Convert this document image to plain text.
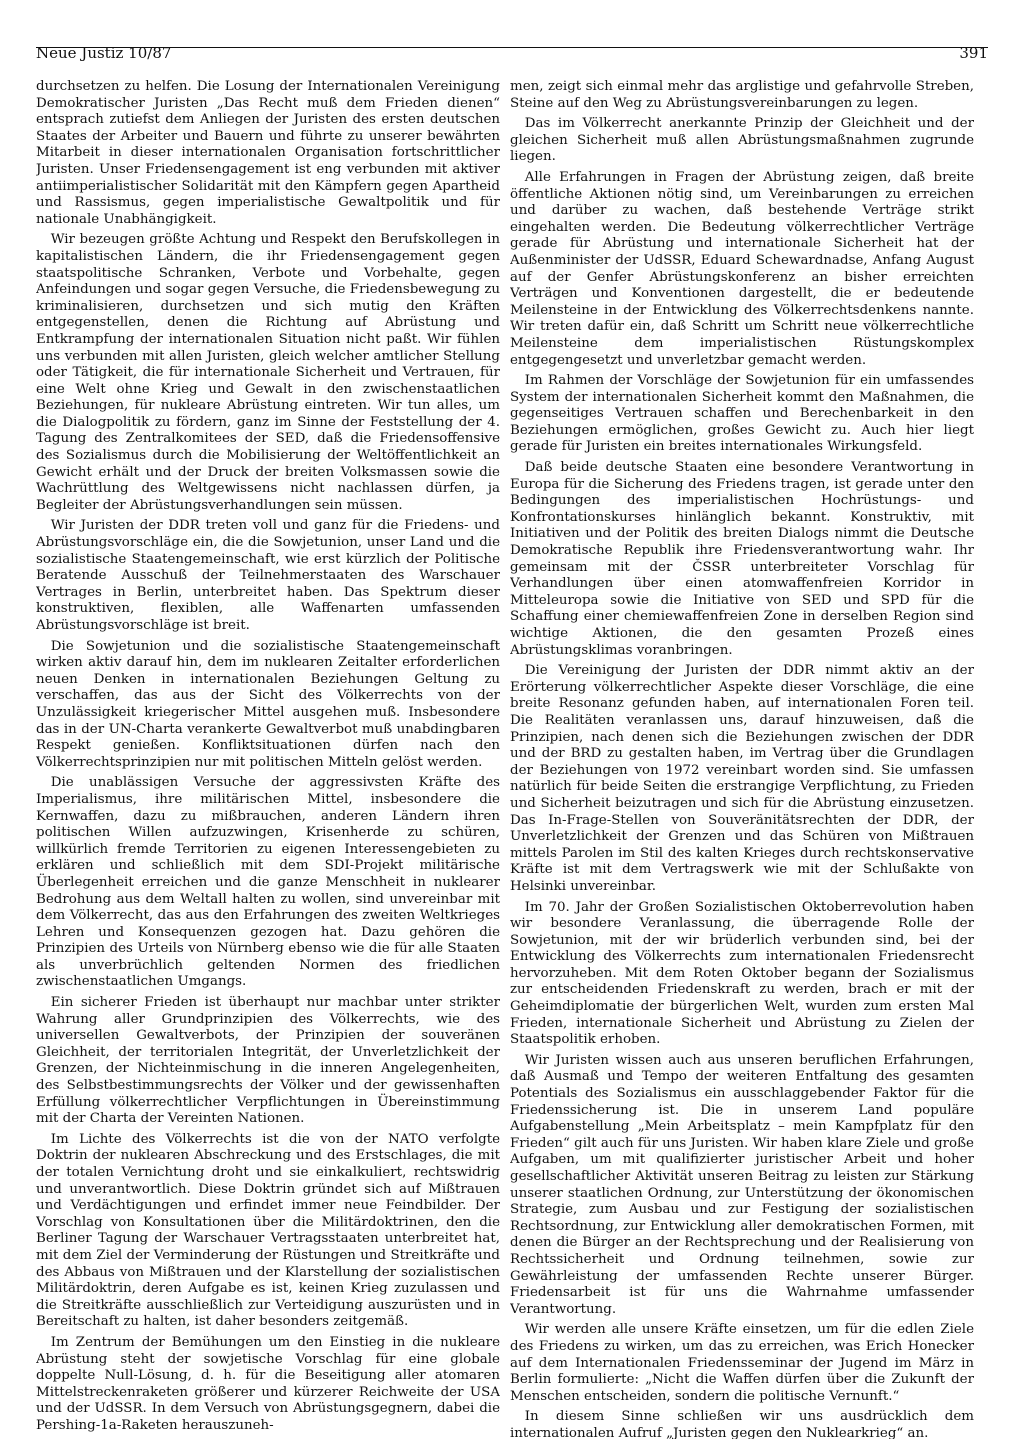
Neue Justiz 10/87	391

durchsetzen zu helfen. Die Losung der Internationalen Vereinigung Demokratischer Juristen „Das Recht muß dem Frieden dienen“ entsprach zutiefst dem Anliegen der Juristen des ersten deutschen Staates der Arbeiter und Bauern und führte zu unserer bewährten Mitarbeit in dieser internationalen Organisation fortschrittlicher Juristen. Unser Friedensengagement ist eng verbunden mit aktiver antiimperialistischer Solidarität mit den Kämpfern gegen Apartheid und Rassismus, gegen imperialistische Gewaltpolitik und für nationale Unabhängigkeit.

Wir bezeugen größte Achtung und Respekt den Berufskollegen in kapitalistischen Ländern, die ihr Friedensengagement gegen staatspolitische Schranken, Verbote und Vorbehalte, gegen Anfeindungen und sogar gegen Versuche, die Friedensbewegung zu kriminalisieren, durchsetzen und sich mutig den Kräften entgegenstellen, denen die Richtung auf Abrüstung und Entkrampfung der internationalen Situation nicht paßt. Wir fühlen uns verbunden mit allen Juristen, gleich welcher amtlicher Stellung oder Tätigkeit, die für internationale Sicherheit und Vertrauen, für eine Welt ohne Krieg und Gewalt in den zwischenstaatlichen Beziehungen, für nukleare Abrüstung eintreten. Wir tun alles, um die Dialogpolitik zu fördern, ganz im Sinne der Feststellung der 4. Tagung des Zentralkomitees der SED, daß die Friedensoffensive des Sozialismus durch die Mobilisierung der Weltöffentlichkeit an Gewicht erhält und der Druck der breiten Volksmassen sowie die Wachrüttlung des Weltgewissens nicht nachlassen dürfen, ja Begleiter der Abrüstungsverhandlungen sein müssen.

Wir Juristen der DDR treten voll und ganz für die Friedens- und Abrüstungsvorschläge ein, die die Sowjetunion, unser Land und die sozialistische Staatengemeinschaft, wie erst kürzlich der Politische Beratende Ausschuß der Teilnehmerstaaten des Warschauer Vertrages in Berlin, unterbreitet haben. Das Spektrum dieser konstruktiven, flexiblen, alle Waffenarten umfassenden Abrüstungsvorschläge ist breit.

Die Sowjetunion und die sozialistische Staatengemeinschaft wirken aktiv darauf hin, dem im nuklearen Zeitalter erforderlichen neuen Denken in internationalen Beziehungen Geltung zu verschaffen, das aus der Sicht des Völkerrechts von der Unzulässigkeit kriegerischer Mittel ausgehen muß. Insbesondere das in der UN-Charta verankerte Gewaltverbot muß unabdingbaren Respekt genießen. Konfliktsituationen dürfen nach den Völkerrechtsprinzipien nur mit politischen Mitteln gelöst werden.

Die unablässigen Versuche der aggressivsten Kräfte des Imperialismus, ihre militärischen Mittel, insbesondere die Kernwaffen, dazu zu mißbrauchen, anderen Ländern ihren politischen Willen aufzuzwingen, Krisenherde zu schüren, willkürlich fremde Territorien zu eigenen Interessengebieten zu erklären und schließlich mit dem SDI-Projekt militärische Überlegenheit erreichen und die ganze Menschheit in nuklearer Bedrohung aus dem Weltall halten zu wollen, sind unvereinbar mit dem Völkerrecht, das aus den Erfahrungen des zweiten Weltkrieges Lehren und Konsequenzen gezogen hat. Dazu gehören die Prinzipien des Urteils von Nürnberg ebenso wie die für alle Staaten als unverbrüchlich geltenden Normen des friedlichen zwischenstaatlichen Umgangs.

Ein sicherer Frieden ist überhaupt nur machbar unter strikter Wahrung aller Grundprinzipien des Völkerrechts, wie des universellen Gewaltverbots, der Prinzipien der souveränen Gleichheit, der territorialen Integrität, der Unverletzlichkeit der Grenzen, der Nichteinmischung in die inneren Angelegenheiten, des Selbstbestimmungsrechts der Völker und der gewissenhaften Erfüllung völkerrechtlicher Verpflichtungen in Übereinstimmung mit der Charta der Vereinten Nationen.

Im Lichte des Völkerrechts ist die von der NATO verfolgte Doktrin der nuklearen Abschreckung und des Erstschlages, die mit der totalen Vernichtung droht und sie einkalkuliert, rechtswidrig und unverantwortlich. Diese Doktrin gründet sich auf Mißtrauen und Verdächtigungen und erfindet immer neue Feindbilder. Der Vorschlag von Konsultationen über die Militärdoktrinen, den die Berliner Tagung der Warschauer Vertragsstaaten unterbreitet hat, mit dem Ziel der Verminderung der Rüstungen und Streitkräfte und des Abbaus von Mißtrauen und der Klarstellung der sozialistischen Militärdoktrin, deren Aufgabe es ist, keinen Krieg zuzulassen und die Streitkräfte ausschließlich zur Verteidigung auszurüsten und in Bereitschaft zu halten, ist daher besonders zeitgemäß.

Im Zentrum der Bemühungen um den Einstieg in die nukleare Abrüstung steht der sowjetische Vorschlag für eine globale doppelte Null-Lösung, d. h. für die Beseitigung aller atomaren Mittelstreckenraketen größerer und kürzerer Reichweite der USA und der UdSSR. In dem Versuch von Abrüstungsgegnern, dabei die Pershing-1a-Raketen herauszuneh-

men, zeigt sich einmal mehr das arglistige und gefahrvolle Streben, Steine auf den Weg zu Abrüstungsvereinbarungen zu legen.

Das im Völkerrecht anerkannte Prinzip der Gleichheit und der gleichen Sicherheit muß allen Abrüstungsmaßnahmen zugrunde liegen.

Alle Erfahrungen in Fragen der Abrüstung zeigen, daß breite öffentliche Aktionen nötig sind, um Vereinbarungen zu erreichen und darüber zu wachen, daß bestehende Verträge strikt eingehalten werden. Die Bedeutung völkerrechtlicher Verträge gerade für Abrüstung und internationale Sicherheit hat der Außenminister der UdSSR, Eduard Schewardnadse, Anfang August auf der Genfer Abrüstungskonferenz an bisher erreichten Verträgen und Konventionen dargestellt, die er bedeutende Meilensteine in der Entwicklung des Völkerrechtsdenkens nannte. Wir treten dafür ein, daß Schritt um Schritt neue völkerrechtliche Meilensteine dem imperialistischen Rüstungskomplex entgegengesetzt und unverletzbar gemacht werden.

Im Rahmen der Vorschläge der Sowjetunion für ein umfassendes System der internationalen Sicherheit kommt den Maßnahmen, die gegenseitiges Vertrauen schaffen und Berechenbarkeit in den Beziehungen ermöglichen, großes Gewicht zu. Auch hier liegt gerade für Juristen ein breites internationales Wirkungsfeld.

Daß beide deutsche Staaten eine besondere Verantwortung in Europa für die Sicherung des Friedens tragen, ist gerade unter den Bedingungen des imperialistischen Hochrüstungs- und Konfrontationskurses hinlänglich bekannt. Konstruktiv, mit Initiativen und der Politik des breiten Dialogs nimmt die Deutsche Demokratische Republik ihre Friedensverantwortung wahr. Ihr gemeinsam mit der ČSSR unterbreiteter Vorschlag für Verhandlungen über einen atomwaffenfreien Korridor in Mitteleuropa sowie die Initiative von SED und SPD für die Schaffung einer chemiewaffenfreien Zone in derselben Region sind wichtige Aktionen, die den gesamten Prozeß eines Abrüstungsklimas voranbringen.

Die Vereinigung der Juristen der DDR nimmt aktiv an der Erörterung völkerrechtlicher Aspekte dieser Vorschläge, die eine breite Resonanz gefunden haben, auf internationalen Foren teil. Die Realitäten veranlassen uns, darauf hinzuweisen, daß die Prinzipien, nach denen sich die Beziehungen zwischen der DDR und der BRD zu gestalten haben, im Vertrag über die Grundlagen der Beziehungen von 1972 vereinbart worden sind. Sie umfassen natürlich für beide Seiten die erstrangige Verpflichtung, zu Frieden und Sicherheit beizutragen und sich für die Abrüstung einzusetzen. Das In-Frage-Stellen von Souveränitätsrechten der DDR, der Unverletzlichkeit der Grenzen und das Schüren von Mißtrauen mittels Parolen im Stil des kalten Krieges durch rechtskonservative Kräfte ist mit dem Vertragswerk wie mit der Schlußakte von Helsinki unvereinbar.

Im 70. Jahr der Großen Sozialistischen Oktoberrevolution haben wir besondere Veranlassung, die überragende Rolle der Sowjetunion, mit der wir brüderlich verbunden sind, bei der Entwicklung des Völkerrechts zum internationalen Friedensrecht hervorzuheben. Mit dem Roten Oktober begann der Sozialismus zur entscheidenden Friedenskraft zu werden, brach er mit der Geheimdiplomatie der bürgerlichen Welt, wurden zum ersten Mal Frieden, internationale Sicherheit und Abrüstung zu Zielen der Staatspolitik erhoben.

Wir Juristen wissen auch aus unseren beruflichen Erfahrungen, daß Ausmaß und Tempo der weiteren Entfaltung des gesamten Potentials des Sozialismus ein ausschlaggebender Faktor für die Friedenssicherung ist. Die in unserem Land populäre Aufgabenstellung „Mein Arbeitsplatz – mein Kampfplatz für den Frieden“ gilt auch für uns Juristen. Wir haben klare Ziele und große Aufgaben, um mit qualifizierter juristischer Arbeit und hoher gesellschaftlicher Aktivität unseren Beitrag zu leisten zur Stärkung unserer staatlichen Ordnung, zur Unterstützung der ökonomischen Strategie, zum Ausbau und zur Festigung der sozialistischen Rechtsordnung, zur Entwicklung aller demokratischen Formen, mit denen die Bürger an der Rechtsprechung und der Realisierung von Rechtssicherheit und Ordnung teilnehmen, sowie zur Gewährleistung der umfassenden Rechte unserer Bürger. Friedensarbeit ist für uns die Wahrnahme umfassender Verantwortung.

Wir werden alle unsere Kräfte einsetzen, um für die edlen Ziele des Friedens zu wirken, um das zu erreichen, was Erich Honecker auf dem Internationalen Friedensseminar der Jugend im März in Berlin formulierte: „Nicht die Waffen dürfen über die Zukunft der Menschen entscheiden, sondern die politische Vernunft.“

In diesem Sinne schließen wir uns ausdrücklich dem internationalen Aufruf „Juristen gegen den Nuklearkrieg“ an.
